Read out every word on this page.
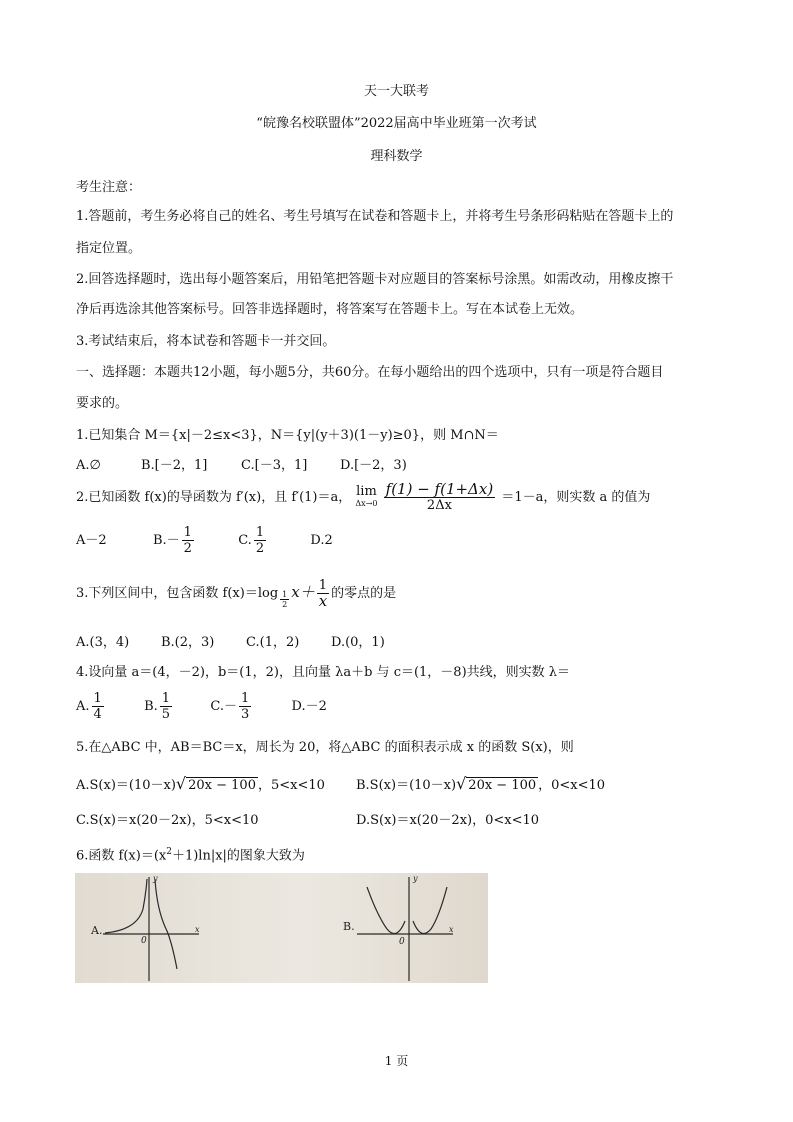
天一大联考
“皖豫名校联盟体”2022届高中毕业班第一次考试
理科数学
考生注意：
1.答题前，考生务必将自己的姓名、考生号填写在试卷和答题卡上，并将考生号条形码粘贴在答题卡上的
指定位置。
2.回答选择题时，选出每小题答案后，用铅笔把答题卡对应题目的答案标号涂黑。如需改动，用橡皮擦干
净后再选涂其他答案标号。回答非选择题时，将答案写在答题卡上。写在本试卷上无效。
3.考试结束后，将本试卷和答题卡一并交回。
一、选择题：本题共12小题，每小题5分，共60分。在每小题给出的四个选项中，只有一项是符合题目
要求的。
1.已知集合 M＝{x|－2≤x<3}，N＝{y|(y＋3)(1－y)≥0}，则 M∩N＝
A.∅	B.[－2，1]	C.[－3，1]	D.[－2，3)
2.已知函数 f(x)的导函数为 f′(x)，且 f′(1)＝a， lim
Δx→0
$\frac{f(1) - f(1+\Delta x)}{2\Delta x} =1-a$，则实数 a 的值为
A－2	$B.- \frac{1}{2}$	C. $\frac{1}{2}$	D.2
3.下列区间中，包含函数 $f(x)=\log \frac{1}{2} x+ \frac{1}{x}$ 的零点的是
A.(3，4) B.(2，3) C.(1，2) D.(0，1)
4.设向量 a＝(4，－2)，b＝(1，2)，且向量 λa＋b 与 c＝(1，－8)共线，则实数 λ＝
A. $\frac{1}{4}$	B. $\frac{1}{5}$	$C.- \frac{1}{3}$	D.－2
5.在△ABC 中，AB＝BC＝x，周长为 20，将△ABC 的面积表示成 x 的函数 S(x)，则
A.S(x)＝(10－x)√ 20x − 100 ，5<x<10 B.S(x)＝(10－x)√ 20x − 100 ，0<x<10
C.S(x)＝x(20－2x)，5<x<10	D.S(x)＝x(20－2x)，0<x<10
6.函数 $f(x)=(x^2+1)\ln|x|$的图象大致为
A.
y
x
0
B.
y
x
0
1 页
